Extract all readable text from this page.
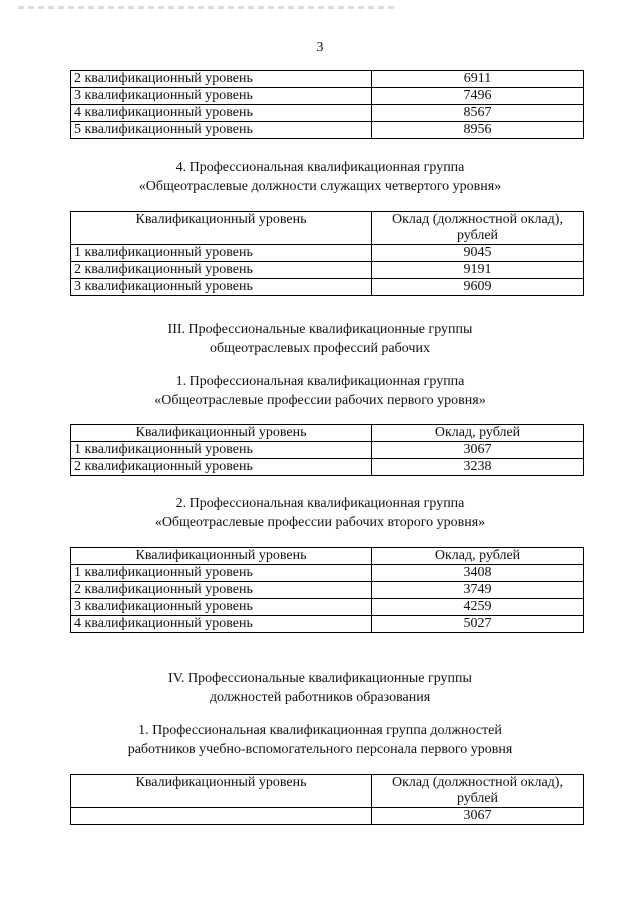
3
2 квалификационный уровень	6911
3 квалификационный уровень	7496
4 квалификационный уровень	8567
5 квалификационный уровень	8956
4. Профессиональная квалификационная группа
«Общеотраслевые должности служащих четвертого уровня»
Квалификационный уровень	Оклад (должностной оклад),
рублей

1 квалификационный уровень	9045
2 квалификационный уровень	9191
3 квалификационный уровень	9609
III. Профессиональные квалификационные группы
общеотраслевых профессий рабочих
1. Профессиональная квалификационная группа
«Общеотраслевые профессии рабочих первого уровня»
Квалификационный уровень	Оклад, рублей
1 квалификационный уровень	3067
2 квалификационный уровень	3238
2. Профессиональная квалификационная группа
«Общеотраслевые профессии рабочих второго уровня»
Квалификационный уровень	Оклад, рублей
1 квалификационный уровень	3408
2 квалификационный уровень	3749
3 квалификационный уровень	4259
4 квалификационный уровень	5027
IV. Профессиональные квалификационные группы
должностей работников образования
1. Профессиональная квалификационная группа должностей
работников учебно-вспомогательного персонала первого уровня
Квалификационный уровень	Оклад (должностной оклад),
рублей

	3067
